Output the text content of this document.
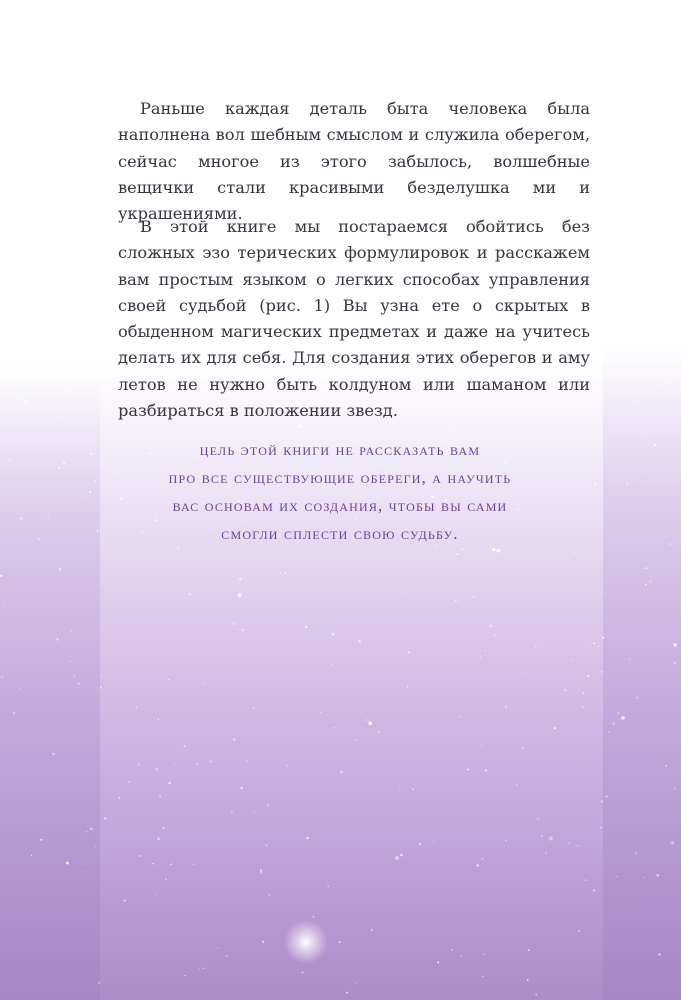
Раньше каждая деталь быта человека была наполнена вол шебным смыслом и служила оберегом, сейчас многое из этого забылось, волшебные вещички стали красивыми безделушка ми и украшениями.

В этой книге мы постараемся обойтись без сложных эзо терических формулировок и расскажем вам простым языком о легких способах управления своей судьбой (рис. 1) Вы узна ете о скрытых в обыденном магических предметах и даже на учитесь делать их для себя. Для создания этих оберегов и аму летов не нужно быть колдуном или шаманом или разбираться в положении звезд.

цель этой книги не рассказать вам
про все существующие обереги, а научить
вас основам их создания, чтобы вы сами
смогли сплести свою судьбу.
